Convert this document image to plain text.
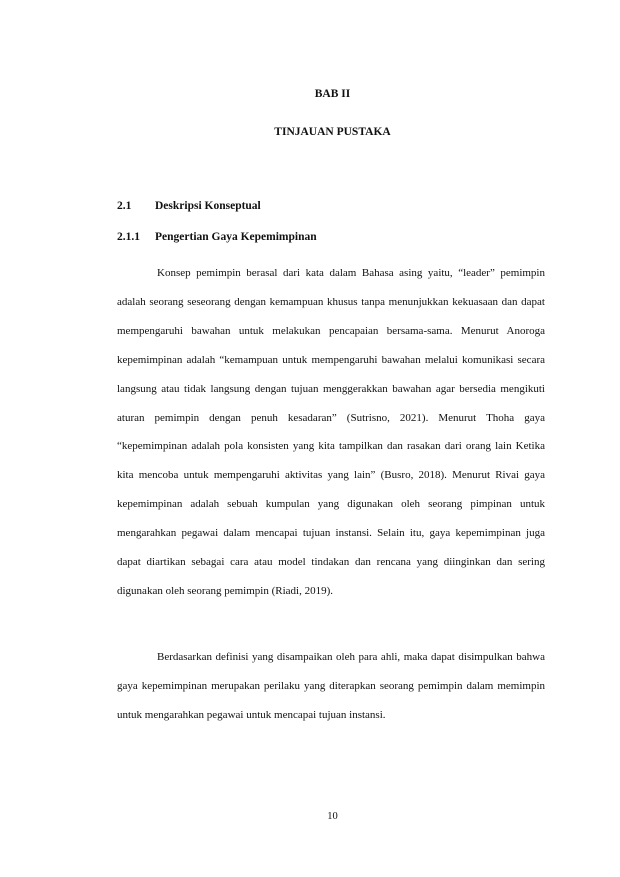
BAB II
TINJAUAN PUSTAKA
2.1 Deskripsi Konseptual
2.1.1 Pengertian Gaya Kepemimpinan

Konsep pemimpin berasal dari kata dalam Bahasa asing yaitu, “leader” pemimpin adalah seorang seseorang dengan kemampuan khusus tanpa menunjukkan kekuasaan dan dapat mempengaruhi bawahan untuk melakukan pencapaian bersama-sama. Menurut Anoroga kepemimpinan adalah “kemampuan untuk mempengaruhi bawahan melalui komunikasi secara langsung atau tidak langsung dengan tujuan menggerakkan bawahan agar bersedia mengikuti aturan pemimpin dengan penuh kesadaran” (Sutrisno, 2021). Menurut Thoha gaya “kepemimpinan adalah pola konsisten yang kita tampilkan dan rasakan dari orang lain Ketika kita mencoba untuk mempengaruhi aktivitas yang lain” (Busro, 2018). Menurut Rivai gaya kepemimpinan adalah sebuah kumpulan yang digunakan oleh seorang pimpinan untuk mengarahkan pegawai dalam mencapai tujuan instansi. Selain itu, gaya kepemimpinan juga dapat diartikan sebagai cara atau model tindakan dan rencana yang diinginkan dan sering digunakan oleh seorang pemimpin (Riadi, 2019).

Berdasarkan definisi yang disampaikan oleh para ahli, maka dapat disimpulkan bahwa gaya kepemimpinan merupakan perilaku yang diterapkan seorang pemimpin dalam memimpin untuk mengarahkan pegawai untuk mencapai tujuan instansi.

10
